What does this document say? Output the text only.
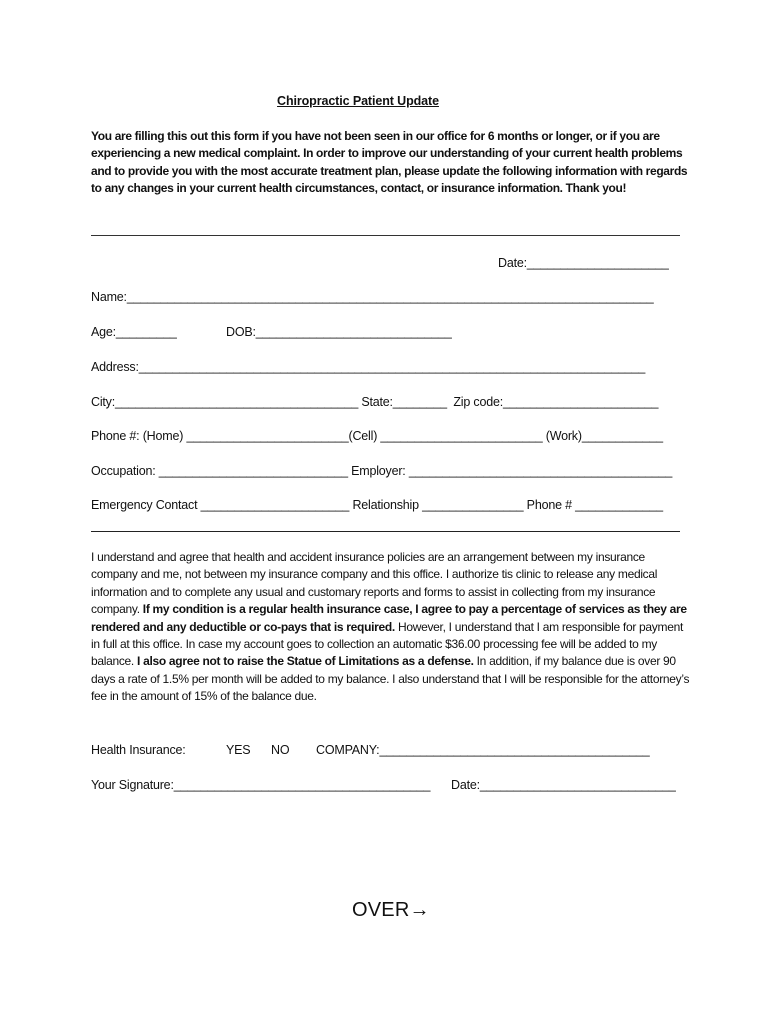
Chiropractic Patient Update

You are filling this out this form if you have not been seen in our office for 6 months or longer, or if you are experiencing a new medical complaint. In order to improve our understanding of your current health problems and to provide you with the most accurate treatment plan, please update the following information with regards to any changes in your current health circumstances, contact, or insurance information. Thank you!

Date:_____________________
Name:______________________________________________________________________________
Age:_________	DOB:_____________________________
Address:___________________________________________________________________________
City:____________________________________ State:________  Zip code:_______________________
Phone #: (Home) ________________________(Cell) ________________________ (Work)____________
Occupation: ____________________________ Employer: _______________________________________
Emergency Contact ______________________ Relationship _______________ Phone # _____________

I understand and agree that health and accident insurance policies are an arrangement between my insurance company and me, not between my insurance company and this office. I authorize tis clinic to release any medical information and to complete any usual and customary reports and forms to assist in collecting from my insurance company. If my condition is a regular health insurance case, I agree to pay a percentage of services as they are rendered and any deductible or co-pays that is required. However, I understand that I am responsible for payment in full at this office. In case my account goes to collection an automatic $36.00 processing fee will be added to my balance. I also agree not to raise the Statue of Limitations as a defense. In addition, if my balance due is over 90 days a rate of 1.5% per month will be added to my balance. I also understand that I will be responsible for the attorney’s fee in the amount of 15% of the balance due.

Health Insurance:	YES	NO	COMPANY:________________________________________
Your Signature:______________________________________	Date:_____________________________
OVER→
